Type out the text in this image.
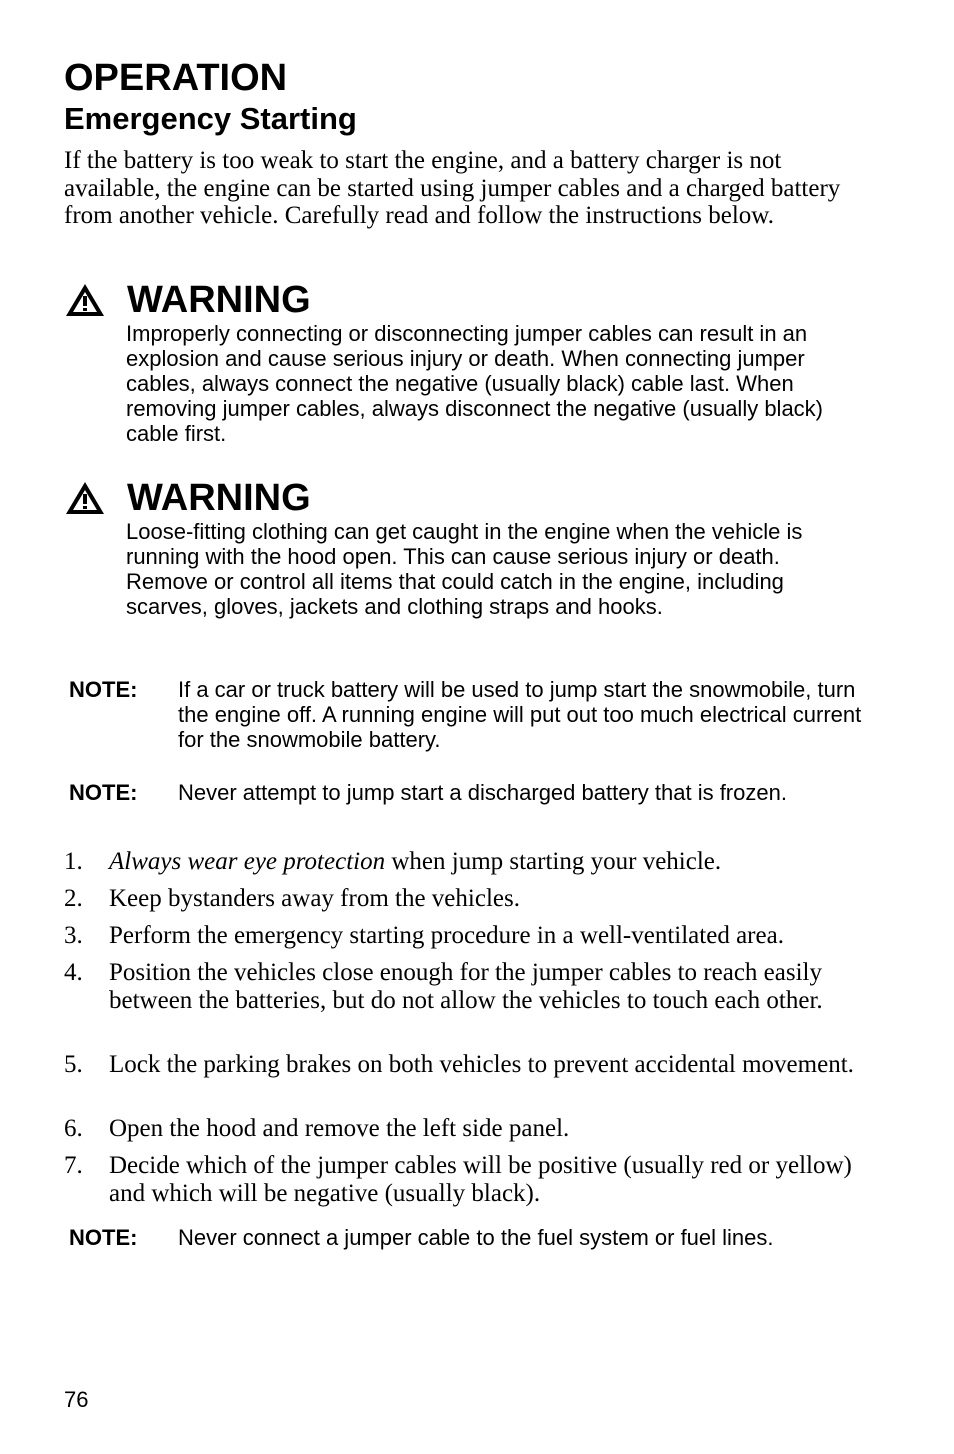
OPERATION
Emergency Starting

If the battery is too weak to start the engine, and a battery charger is not available, the engine can be started using jumper cables and a charged battery from another vehicle. Carefully read and follow the instructions below.

WARNING

Improperly connecting or disconnecting jumper cables can result in an explosion and cause serious injury or death. When connecting jumper cables, always connect the negative (usually black) cable last. When removing jumper cables, always disconnect the negative (usually black) cable first.

WARNING

Loose-fitting clothing can get caught in the engine when the vehicle is running with the hood open. This can cause serious injury or death. Remove or control all items that could catch in the engine, including scarves, gloves, jackets and clothing straps and hooks.

NOTE: If a car or truck battery will be used to jump start the snowmobile, turn the engine off. A running engine will put out too much electrical current for the snowmobile battery.

NOTE: Never attempt to jump start a discharged battery that is frozen.

1. Always wear eye protection when jump starting your vehicle.
2. Keep bystanders away from the vehicles.
3. Perform the emergency starting procedure in a well-ventilated area.
4. Position the vehicles close enough for the jumper cables to reach easily between the batteries, but do not allow the vehicles to touch each other.
5. Lock the parking brakes on both vehicles to prevent accidental movement.
6. Open the hood and remove the left side panel.
7. Decide which of the jumper cables will be positive (usually red or yellow) and which will be negative (usually black).
NOTE: Never connect a jumper cable to the fuel system or fuel lines.

76
